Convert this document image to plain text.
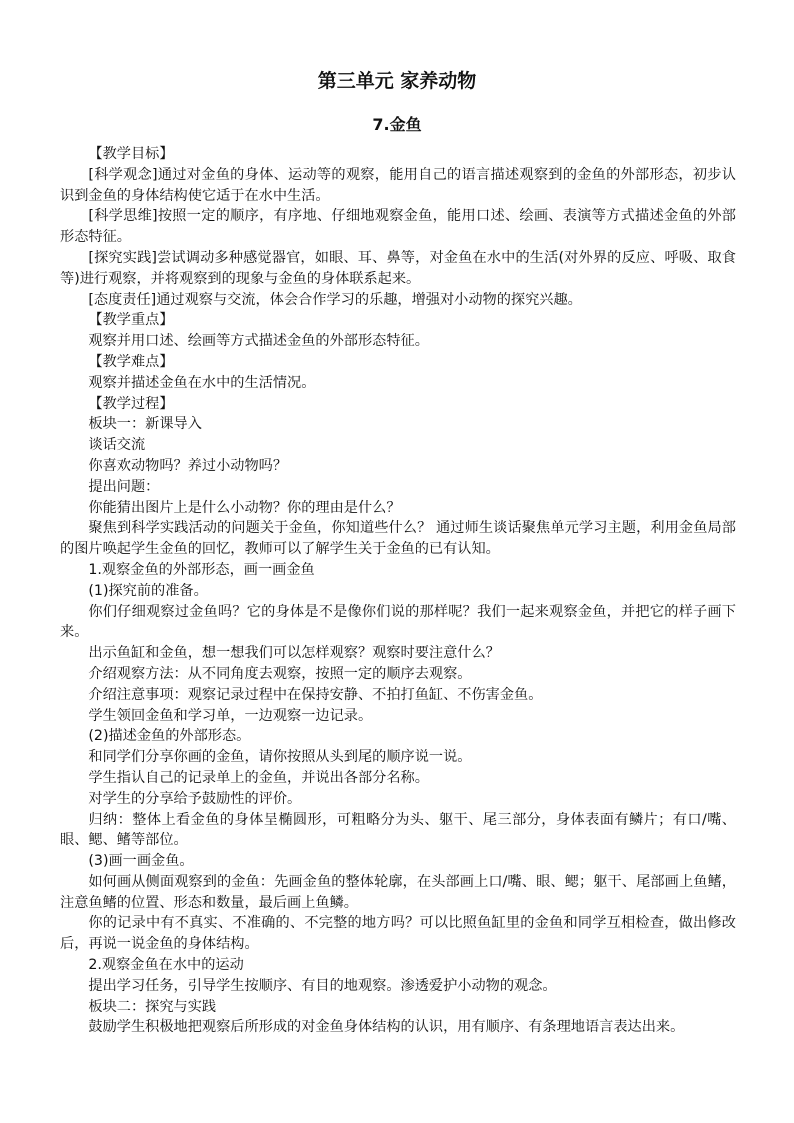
第三单元 家养动物
7.金鱼

【教学目标】

[科学观念]通过对金鱼的身体、运动等的观察，能用自己的语言描述观察到的金鱼的外部形态，初步认识到金鱼的身体结构使它适于在水中生活。

[科学思维]按照一定的顺序，有序地、仔细地观察金鱼，能用口述、绘画、表演等方式描述金鱼的外部形态特征。

[探究实践]尝试调动多种感觉器官，如眼、耳、鼻等，对金鱼在水中的生活(对外界的反应、呼吸、取食等)进行观察，并将观察到的现象与金鱼的身体联系起来。

[态度责任]通过观察与交流，体会合作学习的乐趣，增强对小动物的探究兴趣。

【教学重点】

观察并用口述、绘画等方式描述金鱼的外部形态特征。

【教学难点】

观察并描述金鱼在水中的生活情况。

【教学过程】

板块一：新课导入

谈话交流

你喜欢动物吗？养过小动物吗？

提出问题：

你能猜出图片上是什么小动物？你的理由是什么？

聚焦到科学实践活动的问题关于金鱼，你知道些什么？ 通过师生谈话聚焦单元学习主题，利用金鱼局部的图片唤起学生金鱼的回忆，教师可以了解学生关于金鱼的已有认知。

1.观察金鱼的外部形态，画一画金鱼

(1)探究前的准备。

你们仔细观察过金鱼吗？它的身体是不是像你们说的那样呢？我们一起来观察金鱼，并把它的样子画下来。

出示鱼缸和金鱼，想一想我们可以怎样观察？观察时要注意什么？

介绍观察方法：从不同角度去观察，按照一定的顺序去观察。

介绍注意事项：观察记录过程中在保持安静、不拍打鱼缸、不伤害金鱼。

学生领回金鱼和学习单，一边观察一边记录。

(2)描述金鱼的外部形态。

和同学们分享你画的金鱼，请你按照从头到尾的顺序说一说。

学生指认自己的记录单上的金鱼，并说出各部分名称。

对学生的分享给予鼓励性的评价。

归纳：整体上看金鱼的身体呈椭圆形，可粗略分为头、躯干、尾三部分，身体表面有鳞片；有口/嘴、眼、鳃、鳍等部位。

(3)画一画金鱼。

如何画从侧面观察到的金鱼：先画金鱼的整体轮廓，在头部画上口/嘴、眼、鳃；躯干、尾部画上鱼鳍，注意鱼鳍的位置、形态和数量，最后画上鱼鳞。

你的记录中有不真实、不准确的、不完整的地方吗？可以比照鱼缸里的金鱼和同学互相检查，做出修改后，再说一说金鱼的身体结构。

2.观察金鱼在水中的运动

提出学习任务，引导学生按顺序、有目的地观察。渗透爱护小动物的观念。

板块二：探究与实践

鼓励学生积极地把观察后所形成的对金鱼身体结构的认识，用有顺序、有条理地语言表达出来。
